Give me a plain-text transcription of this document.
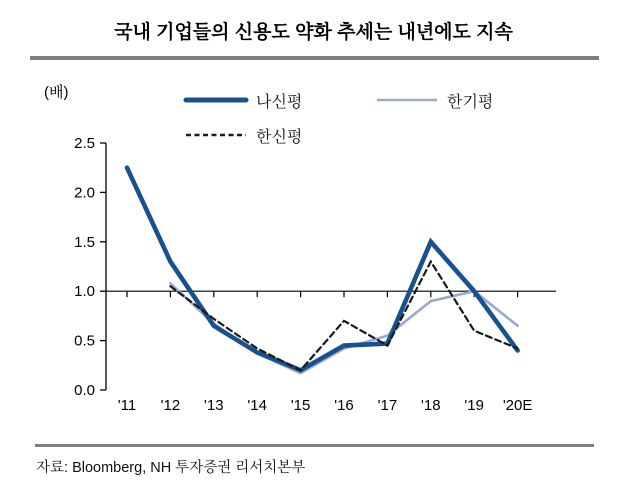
국내 기업들의 신용도 약화 추세는 내년에도 지속
0.0
0.5
1.0
1.5
2.0
2.5
'11 '12 '13 '14 '15 '16 '17 '18 '19 '20E
(배)
나신평	한기평
한신평
자료: Bloomberg, NH 투자증권 리서치본부
